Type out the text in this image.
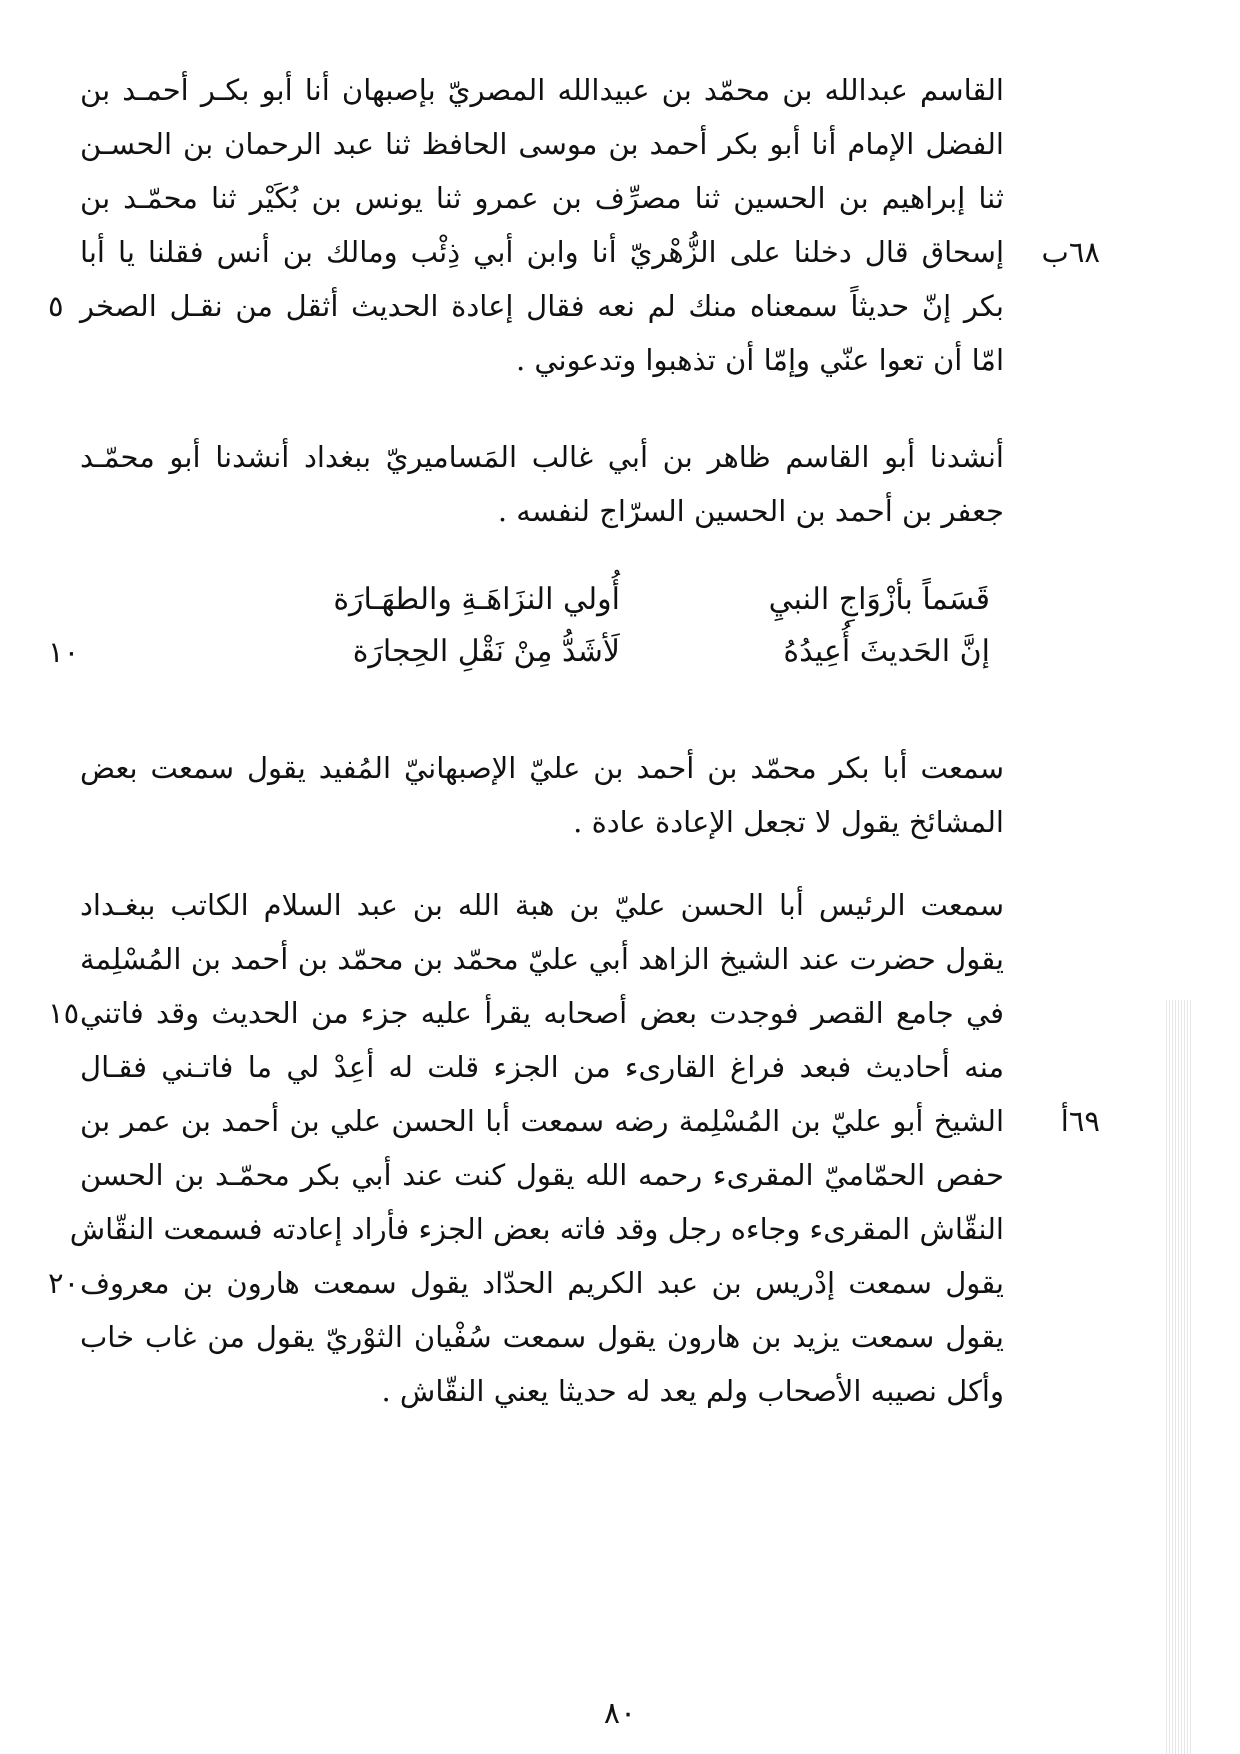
القاسم عبدالله بن محمّد بن عبيدالله المصريّ بإصبهان أنا أبو بكـر أحمـد بن
الفضل الإمام أنا أبو بكر أحمد بن موسى الحافظ ثنا عبد الرحمان بن الحسـن
ثنا إبراهيم بن الحسين ثنا مصرِّف بن عمرو ثنا يونس بن بُكَيْر ثنا محمّـد بن
إسحاق قال دخلنا على الزُّهْريّ أنا وابن أبي ذِئْب ومالك بن أنس فقلنا يا أبا ٦٨ب
بكر إنّ حديثاً سمعناه منك لم نعه فقال إعادة الحديث أثقل من نقـل الصخر
٥
امّا أن تعوا عنّي وإمّا أن تذهبوا وتدعوني .
أنشدنا أبو القاسم ظاهر بن أبي غالب المَساميريّ ببغداد أنشدنا أبو محمّـد
جعفر بن أحمد بن الحسين السرّاج لنفسه .
قَسَماً بأزْوَاجِ النبيِ
أُولي النزَاهَـةِ والطهَـارَة
إنَّ الحَديثَ أُعِيدُهُ
لَأشَدُّ مِنْ نَقْلِ الحِجارَة
١٠
سمعت أبا بكر محمّد بن أحمد بن عليّ الإصبهانيّ المُفيد يقول سمعت بعض
المشائخ يقول لا تجعل الإعادة عادة .
سمعت الرئيس أبا الحسن عليّ بن هبة الله بن عبد السلام الكاتب ببغـداد
يقول حضرت عند الشيخ الزاهد أبي عليّ محمّد بن محمّد بن أحمد بن المُسْلِمة
في جامع القصر فوجدت بعض أصحابه يقرأ عليه جزء من الحديث وقد فاتني
١٥
منه أحاديث فبعد فراغ القارىء من الجزء قلت له أعِدْ لي ما فاتـني فقـال
الشيخ أبو عليّ بن المُسْلِمة رضه سمعت أبا الحسن علي بن أحمد بن عمر بن	٦٩أ
حفص الحمّاميّ المقرىء رحمه الله يقول كنت عند أبي بكر محمّـد بن الحسن
النقّاش المقرىء وجاءه رجل وقد فاته بعض الجزء فأراد إعادته فسمعت النقّاش
يقول سمعت إدْريس بن عبد الكريم الحدّاد يقول سمعت هارون بن معروف
٢٠
يقول سمعت يزيد بن هارون يقول سمعت سُفْيان الثوْريّ يقول من غاب خاب
وأكل نصيبه الأصحاب ولم يعد له حديثا يعني النقّاش .
٨٠
